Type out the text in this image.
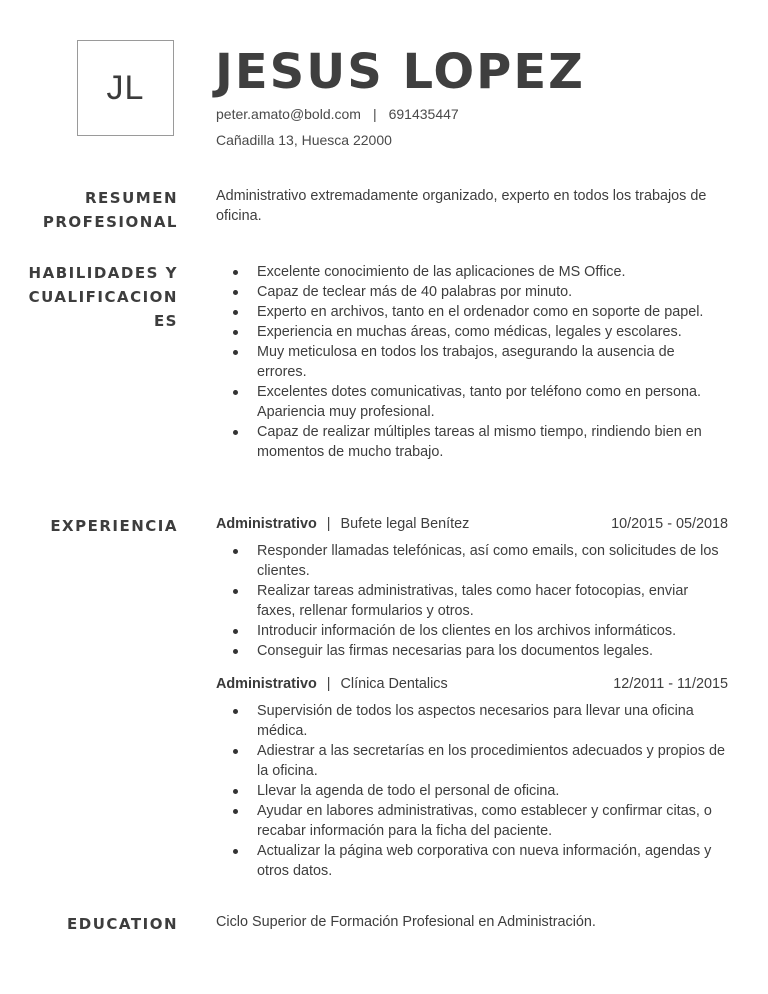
JL JESUS LOPEZ
peter.amato@bold.com | 691435447
Cañadilla 13, Huesca 22000
RESUMEN
PROFESIONAL

Administrativo extremadamente organizado, experto en todos los trabajos de oficina.

HABILIDADES Y
CUALIFICACION
ES
Excelente conocimiento de las aplicaciones de MS Office.
Capaz de teclear más de 40 palabras por minuto.
Experto en archivos, tanto en el ordenador como en soporte de papel.
Experiencia en muchas áreas, como médicas, legales y escolares.
Muy meticulosa en todos los trabajos, asegurando la ausencia de errores.
Excelentes dotes comunicativas, tanto por teléfono como en persona. Apariencia muy profesional.
Capaz de realizar múltiples tareas al mismo tiempo, rindiendo bien en momentos de mucho trabajo.
EXPERIENCIA	Administrativo | Bufete legal Benítez	10/2015 - 05/2018
Responder llamadas telefónicas, así como emails, con solicitudes de los clientes.
Realizar tareas administrativas, tales como hacer fotocopias, enviar faxes, rellenar formularios y otros.
Introducir información de los clientes en los archivos informáticos.
Conseguir las firmas necesarias para los documentos legales.
Administrativo | Clínica Dentalics	12/2011 - 11/2015
Supervisión de todos los aspectos necesarios para llevar una oficina médica.
Adiestrar a las secretarías en los procedimientos adecuados y propios de la oficina.
Llevar la agenda de todo el personal de oficina.
Ayudar en labores administrativas, como establecer y confirmar citas, o recabar información para la ficha del paciente.
Actualizar la página web corporativa con nueva información, agendas y otros datos.
EDUCATION	Ciclo Superior de Formación Profesional en Administración.
